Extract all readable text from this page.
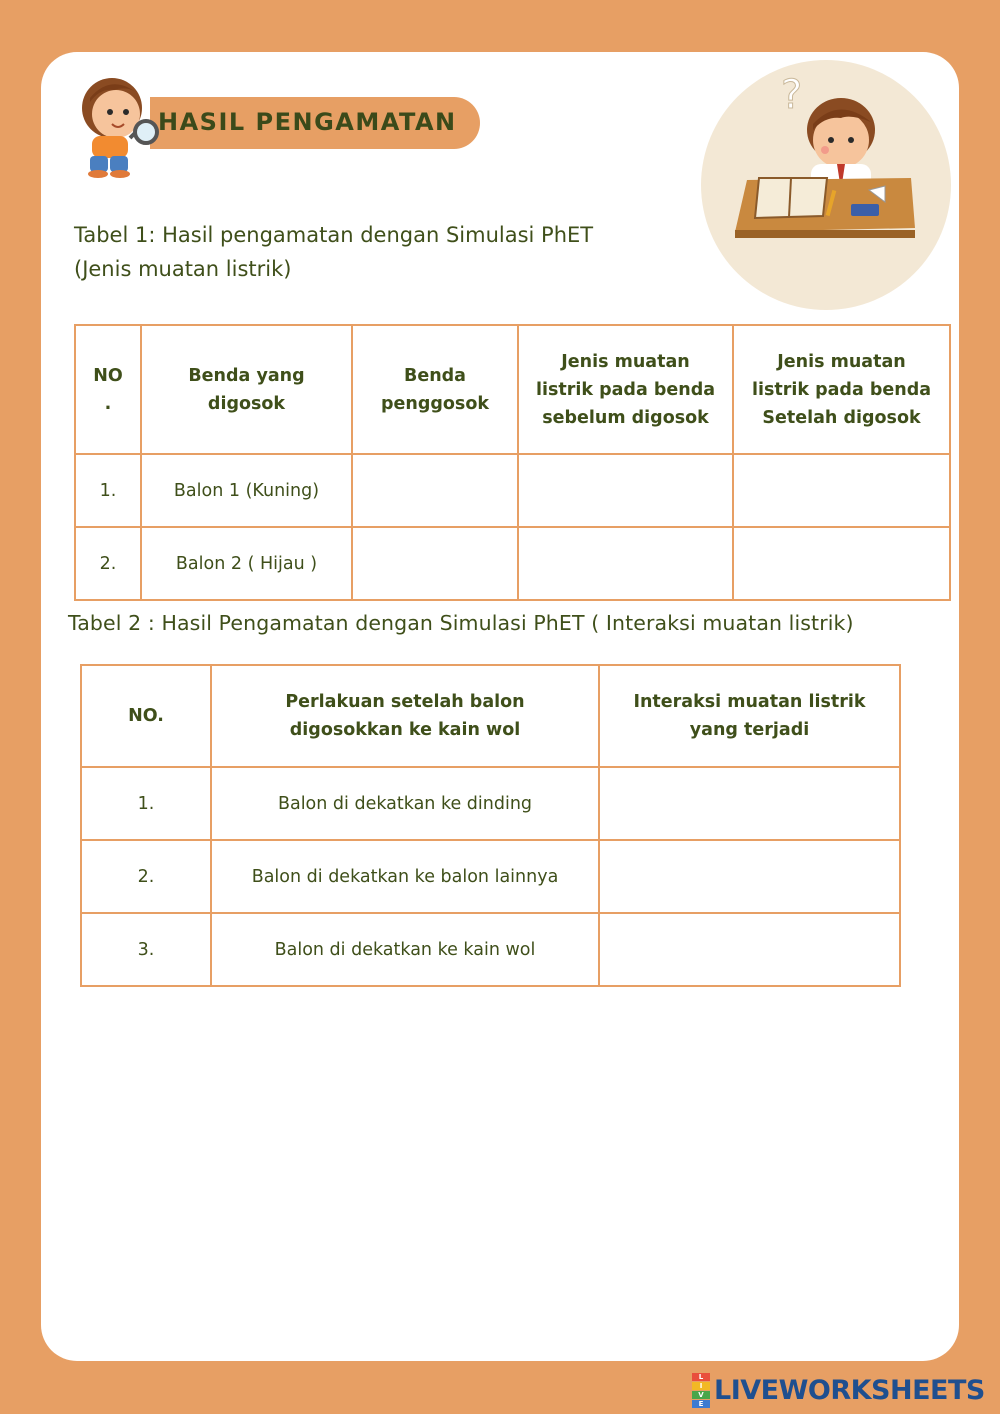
HASIL PENGAMATAN
?
Tabel 1: Hasil pengamatan dengan Simulasi PhET
(Jenis muatan listrik)
NO .	Benda yang digosok	Benda penggosok	Jenis muatan listrik pada benda sebelum digosok	Jenis muatan listrik pada benda Setelah digosok
1.	Balon 1 (Kuning)			
2.	Balon 2 ( Hijau )			
Tabel 2 : Hasil Pengamatan dengan Simulasi PhET ( Interaksi muatan listrik)
NO.	Perlakuan setelah balon digosokkan ke kain wol	Interaksi muatan listrik yang terjadi
1.	Balon di dekatkan ke dinding	
2.	Balon di dekatkan ke balon lainnya	
3.	Balon di dekatkan ke kain wol	
L
I
V
E LIVEWORKSHEETS
